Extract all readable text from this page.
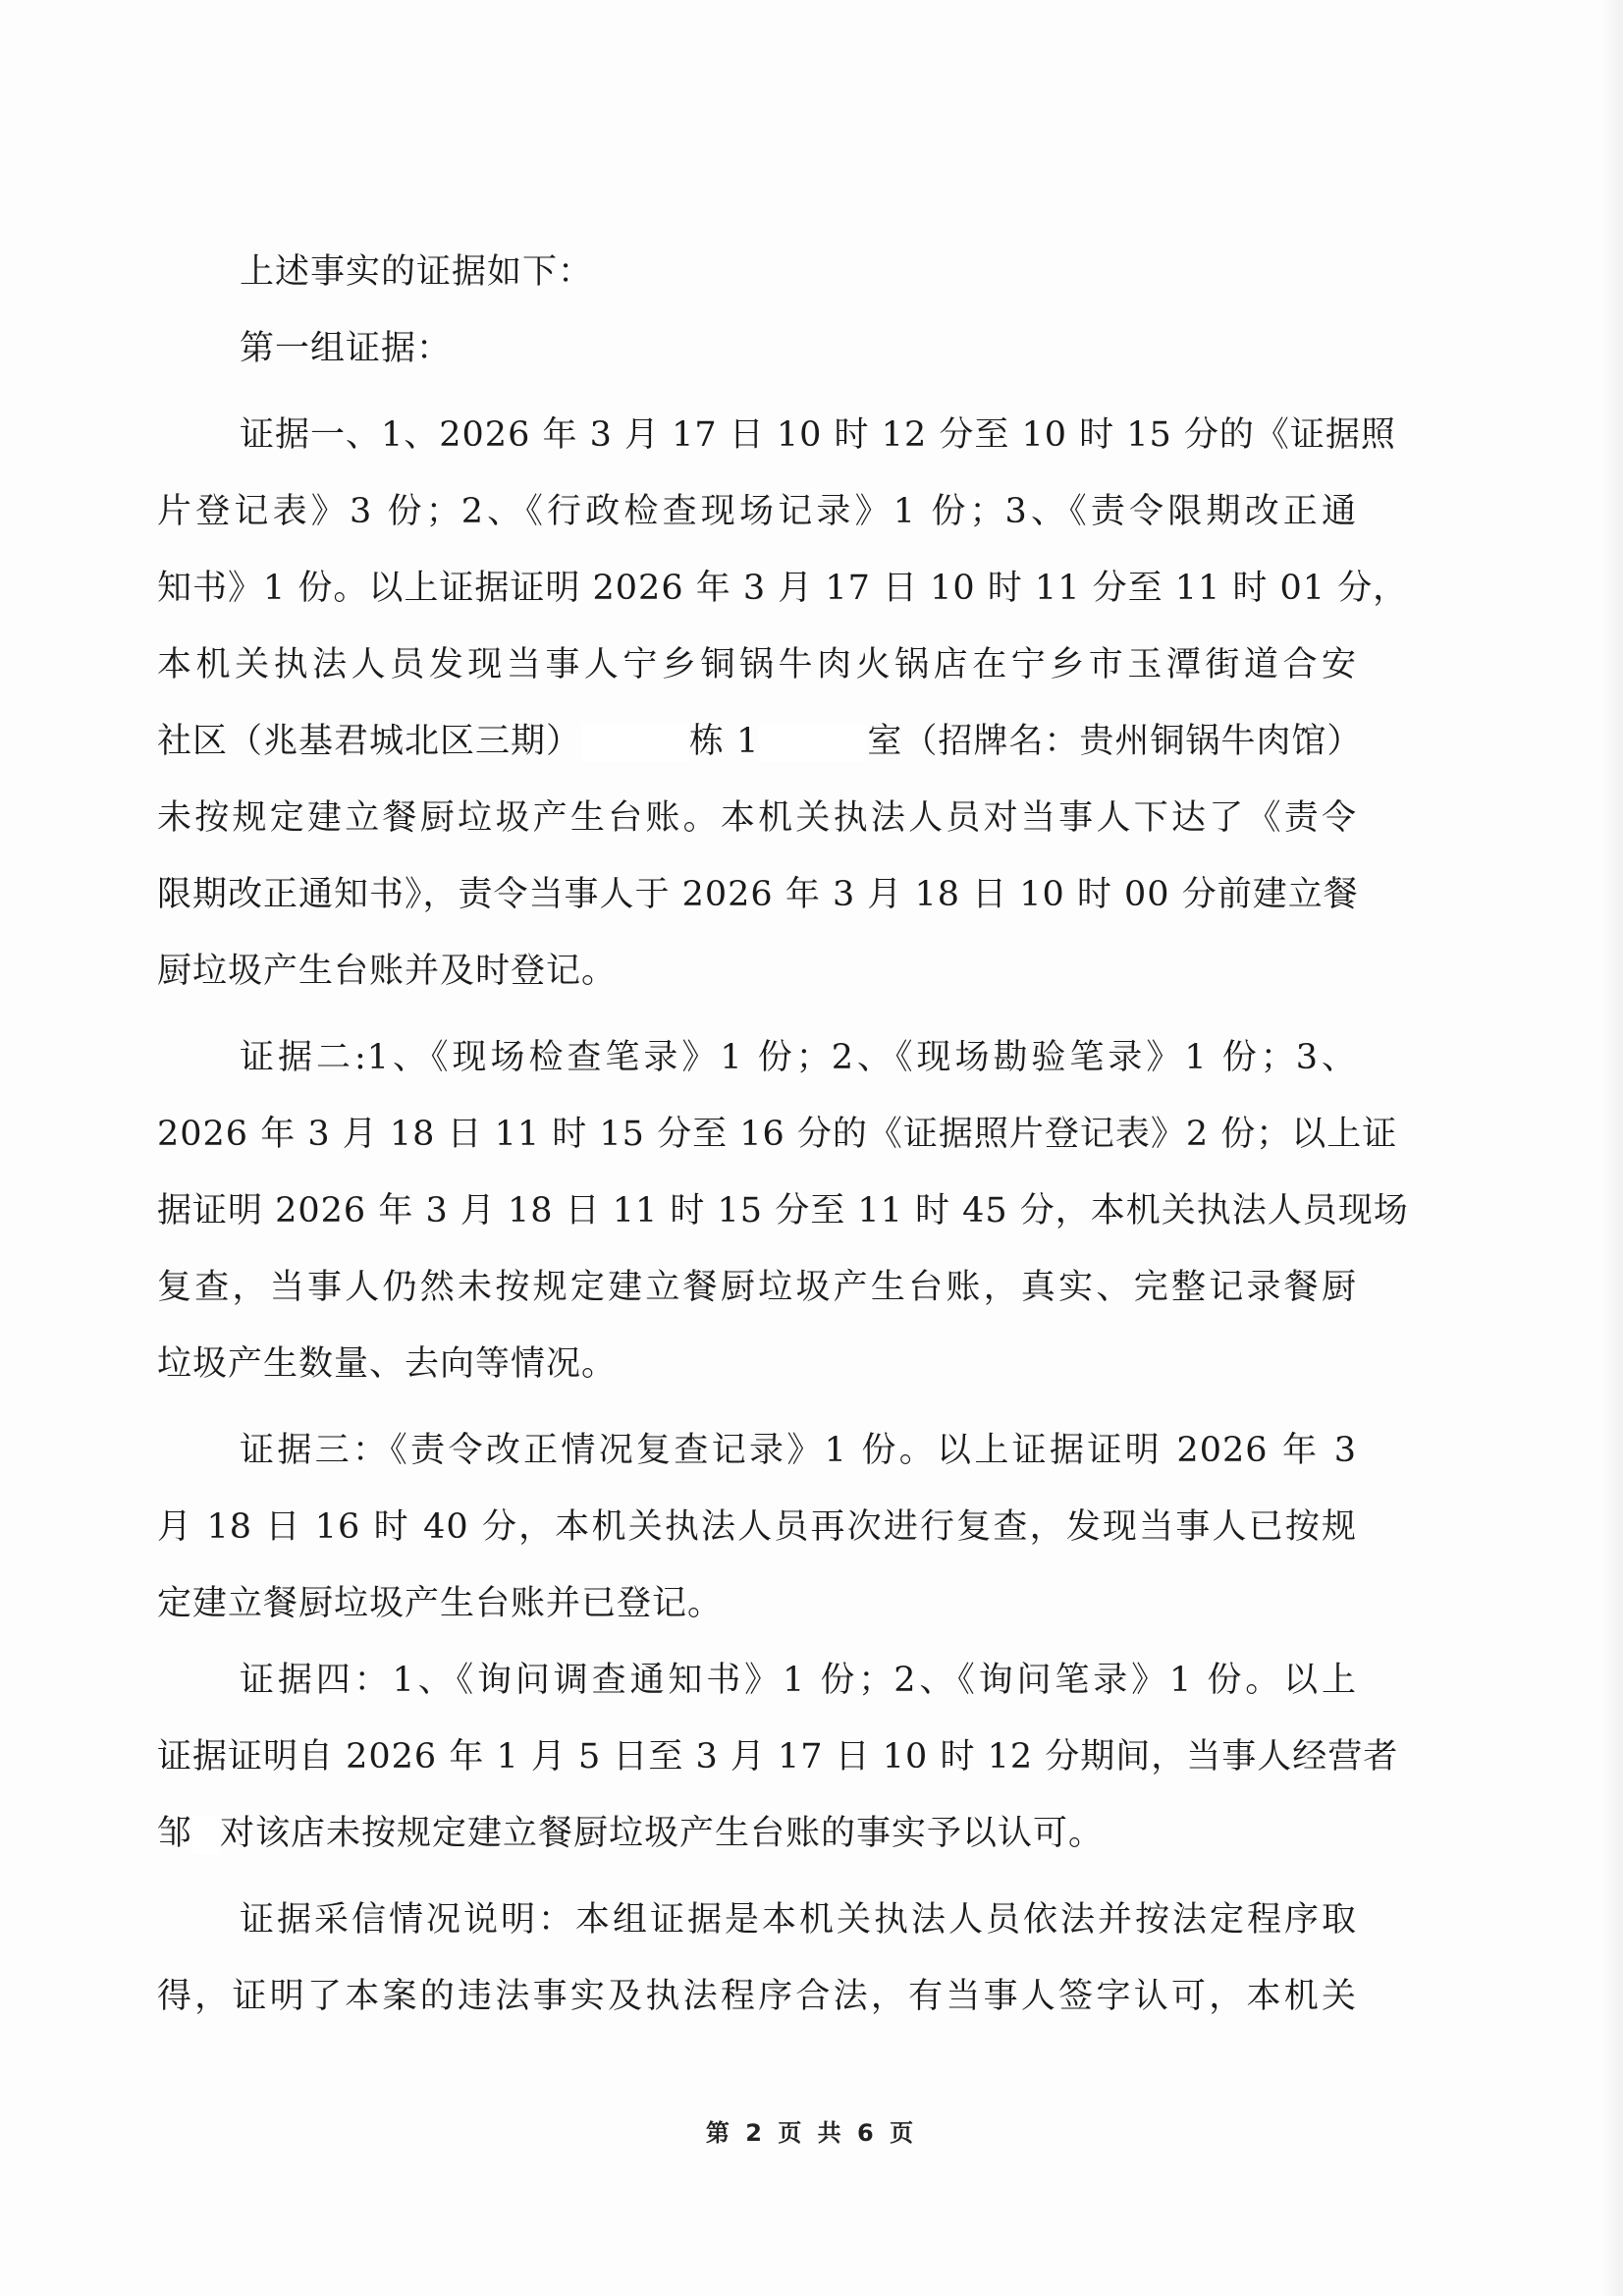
上述事实的证据如下：
第一组证据：
证据一、1、2026 年 3 月 17 日 10 时 12 分至 10 时 15 分的《证据照
片登记表》3 份；2、《行政检查现场记录》1 份；3、《责令限期改正通
知书》1 份。以上证据证明 2026 年 3 月 17 日 10 时 11 分至 11 时 01 分，
本机关执法人员发现当事人宁乡铜锅牛肉火锅店在宁乡市玉潭街道合安
社区（兆基君城北区三期）	栋 1	室（招牌名：贵州铜锅牛肉馆）
未按规定建立餐厨垃圾产生台账。本机关执法人员对当事人下达了《责令
限期改正通知书》，责令当事人于 2026 年 3 月 18 日 10 时 00 分前建立餐
厨垃圾产生台账并及时登记。
证据二:1、《现场检查笔录》1 份；2、《现场勘验笔录》1 份；3、
2026 年 3 月 18 日 11 时 15 分至 16 分的《证据照片登记表》2 份；以上证
据证明 2026 年 3 月 18 日 11 时 15 分至 11 时 45 分，本机关执法人员现场
复查，当事人仍然未按规定建立餐厨垃圾产生台账，真实、完整记录餐厨
垃圾产生数量、去向等情况。
证据三：《责令改正情况复查记录》1 份。以上证据证明 2026 年 3
月 18 日 16 时 40 分，本机关执法人员再次进行复查，发现当事人已按规
定建立餐厨垃圾产生台账并已登记。
证据四：1、《询问调查通知书》1 份；2、《询问笔录》1 份。以上
证据证明自 2026 年 1 月 5 日至 3 月 17 日 10 时 12 分期间，当事人经营者
邹 对该店未按规定建立餐厨垃圾产生台账的事实予以认可。
证据采信情况说明：本组证据是本机关执法人员依法并按法定程序取
得，证明了本案的违法事实及执法程序合法，有当事人签字认可，本机关
第 2 页 共 6 页
